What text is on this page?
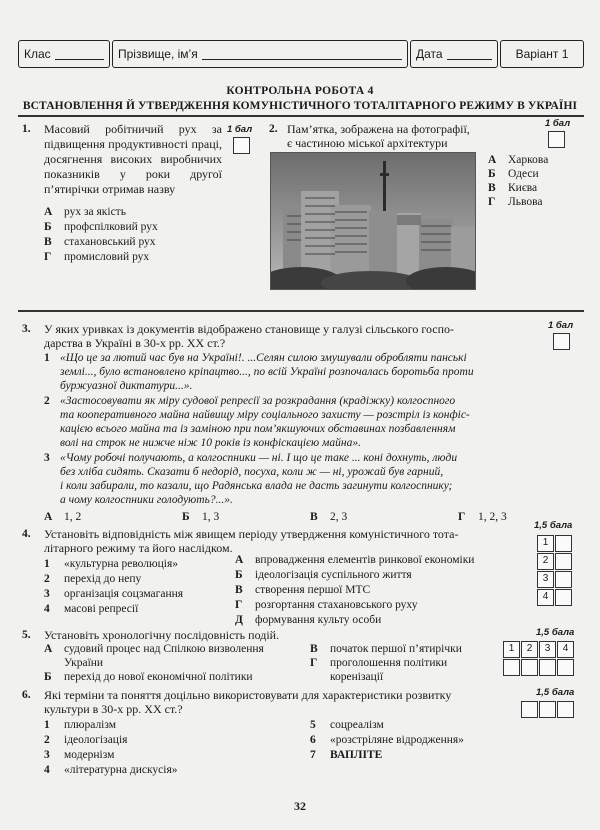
Клас	Прізвище, ім’я	Дата	Варіант 1
КОНТРОЛЬНА РОБОТА 4
ВСТАНОВЛЕННЯ Й УТВЕРДЖЕННЯ КОМУНІСТИЧНОГО ТОТАЛІТАРНОГО РЕЖИМУ В УКРАЇНІ
1. Масовий робітничий рух за підвищення продуктивності праці, досягнення високих виробничих показників у роки другої п’ятирічки отримав назву
1 бал
А рух за якість
Б профспілковий рух
В стахановський рух
Г промисловий рух
2. Пам’ятка, зображена на фотографії,
є частиною міської архітектури
1 бал
А Харкова
Б Одеси
В Києва
Г Львова
3. У яких уривках із документів відображено становище у галузі сільського госпо-
дарства в Україні в 30-х рр. XX ст.?
1 бал
1 «Що це за лютий час був на Україні!. ...Селян силою змушували обробляти панські
землі..., було встановлено кріпацтво..., по всій Україні розпочалась боротьба проти
буржуазної диктатури...».
2 «Застосовувати як міру судової репресії за розкрадання (крадіжку) колгоспного
та кооперативного майна найвищу міру соціального захисту — розстріл із конфіс-
кацією всього майна та із заміною при пом’якшуючих обставинах позбавленням
волі на строк не нижче ніж 10 років із конфіскацією майна».
3 «Чому робочі получають, а колгоспники — ні. І що це таке ... коні дохнуть, люди
без хліба сидять. Сказати б недорід, посуха, коли ж — ні, урожай був гарний,
і коли забирали, то казали, що Радянська влада не дасть загинути колгоспнику;
а чому колгоспники голодують?...».
А 1, 2	Б 1, 3	В 2, 3	Г 1, 2, 3
4. Установіть відповідність між явищем періоду утвердження комуністичного тота-
літарного режиму та його наслідком.
1,5 бала
1 «культурна революція»
2 перехід до непу
3 організація соцзмагання
4 масові репресії
А впровадження елементів ринкової економіки
Б ідеологізація суспільного життя
В створення першої МТС
Г розгортання стахановського руху
Д формування культу особи
1
2
3
4
5. Установіть хронологічну послідовність подій.	1,5 бала
А судовий процес над Спілкою визволення
України
Б перехід до нової економічної політики
В початок першої п’ятирічки
Г проголошення політики
коренізації
1	2	3	4
6. Які терміни та поняття доцільно використовувати для характеристики розвитку
культури в 30-х рр. XX ст.?
1,5 бала
1 плюралізм
2 ідеологізація
3 модернізм
4 «літературна дискусія»
5 соцреалізм
6 «розстріляне відродження»
7 ВАПЛІТЕ
32
